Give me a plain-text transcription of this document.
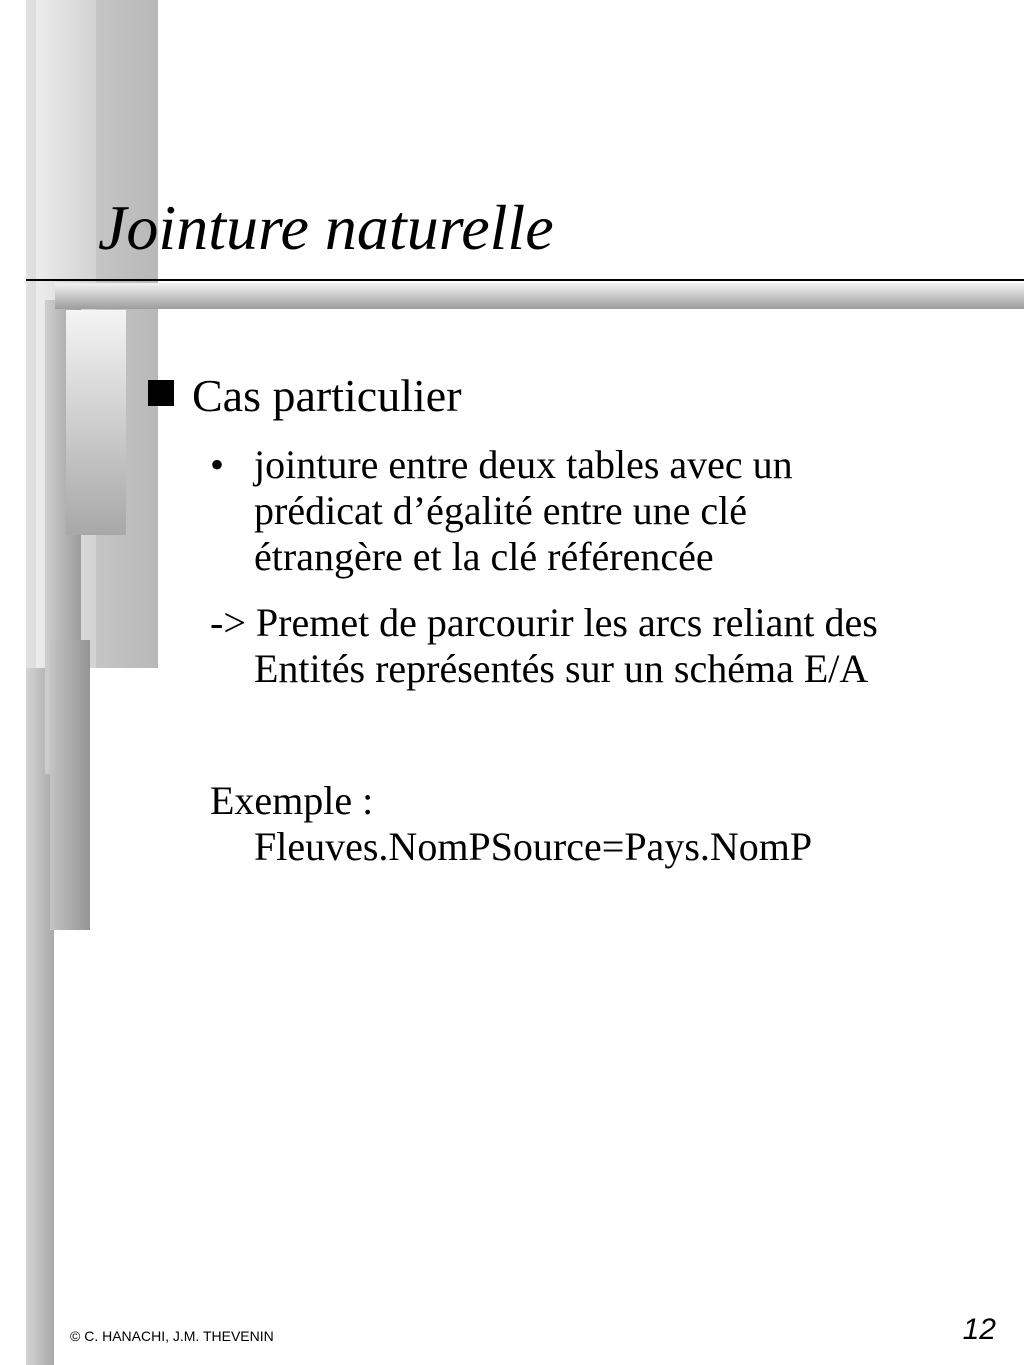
Jointure naturelle
Cas particulier
• jointure entre deux tables avec un
prédicat d’égalité entre une clé
étrangère et la clé référencée
-> Premet de parcourir les arcs reliant des
Entités représentés sur un schéma E/A
Exemple :
Fleuves.NomPSource=Pays.NomP
© C. HANACHI, J.M. THEVENIN	12
